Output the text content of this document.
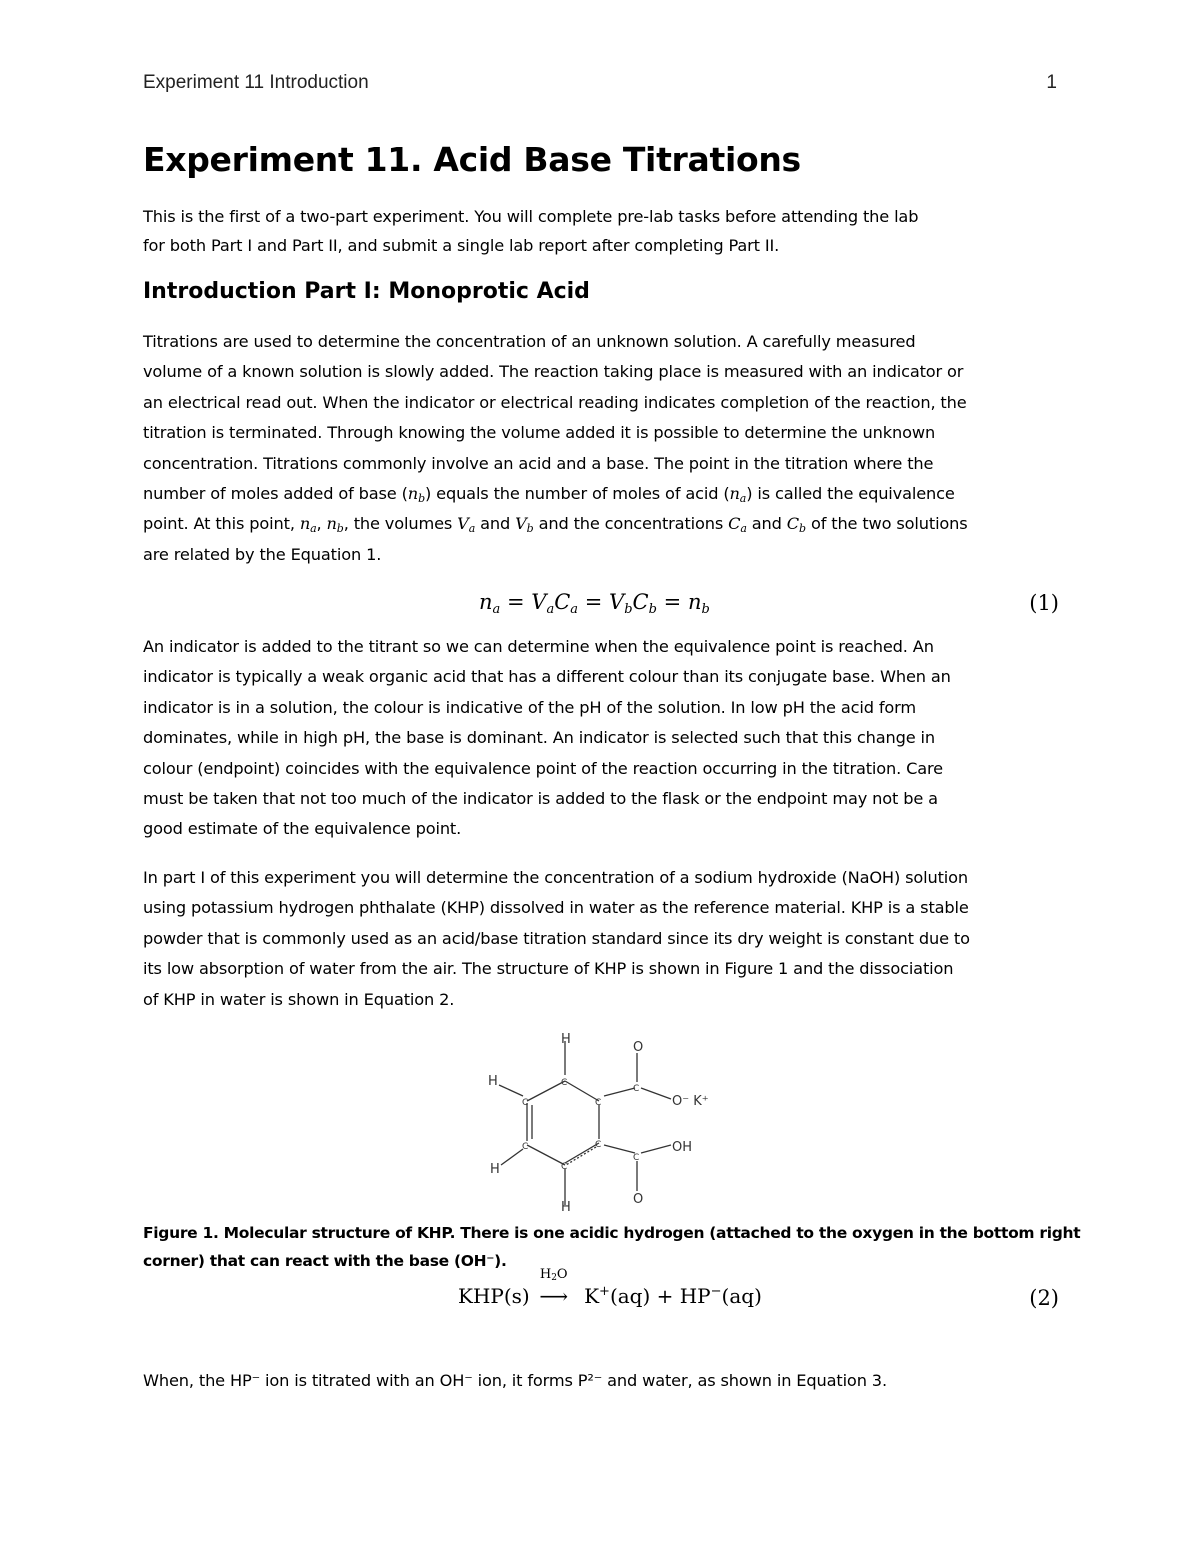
Experiment 11 Introduction	1
Experiment 11. Acid Base Titrations
This is the first of a two-part experiment. You will complete pre-lab tasks before attending the lab
for both Part I and Part II, and submit a single lab report after completing Part II.
Introduction Part I: Monoprotic Acid
Titrations are used to determine the concentration of an unknown solution. A carefully measured
volume of a known solution is slowly added. The reaction taking place is measured with an indicator or
an electrical read out. When the indicator or electrical reading indicates completion of the reaction, the
titration is terminated. Through knowing the volume added it is possible to determine the unknown
concentration. Titrations commonly involve an acid and a base. The point in the titration where the
number of moles added of base $(n_b)$ equals the number of moles of acid $(n_a)$ is called the equivalence
point. At this point, $n_a$, $n_b$, the volumes $V_a$ and $V_b$ and the concentrations $C_a$ and $C_b$ of the two solutions
are related by the Equation 1.
$n_a = V_aC_a = V_bC_b = n_b$	(1)
An indicator is added to the titrant so we can determine when the equivalence point is reached. An
indicator is typically a weak organic acid that has a different colour than its conjugate base. When an
indicator is in a solution, the colour is indicative of the pH of the solution. In low pH the acid form
dominates, while in high pH, the base is dominant. An indicator is selected such that this change in
colour (endpoint) coincides with the equivalence point of the reaction occurring in the titration. Care
must be taken that not too much of the indicator is added to the flask or the endpoint may not be a
good estimate of the equivalence point.
In part I of this experiment you will determine the concentration of a sodium hydroxide (NaOH) solution
using potassium hydrogen phthalate (KHP) dissolved in water as the reference material. KHP is a stable
powder that is commonly used as an acid/base titration standard since its dry weight is constant due to
its low absorption of water from the air. The structure of KHP is shown in Figure 1 and the dissociation
of KHP in water is shown in Equation 2.
H
O
H	C
C
O⁻ K⁺
C	C
C	C	OH
H	C
C
O
H
Figure 1. Molecular structure of KHP. There is one acidic hydrogen (attached to the oxygen in the bottom right
corner) that can react with the base (OH⁻).
KHP(s)
$H_2O$
⟶ K+(aq) + HP−(aq)	(2)
When, the HP⁻ ion is titrated with an OH⁻ ion, it forms P²⁻ and water, as shown in Equation 3.
